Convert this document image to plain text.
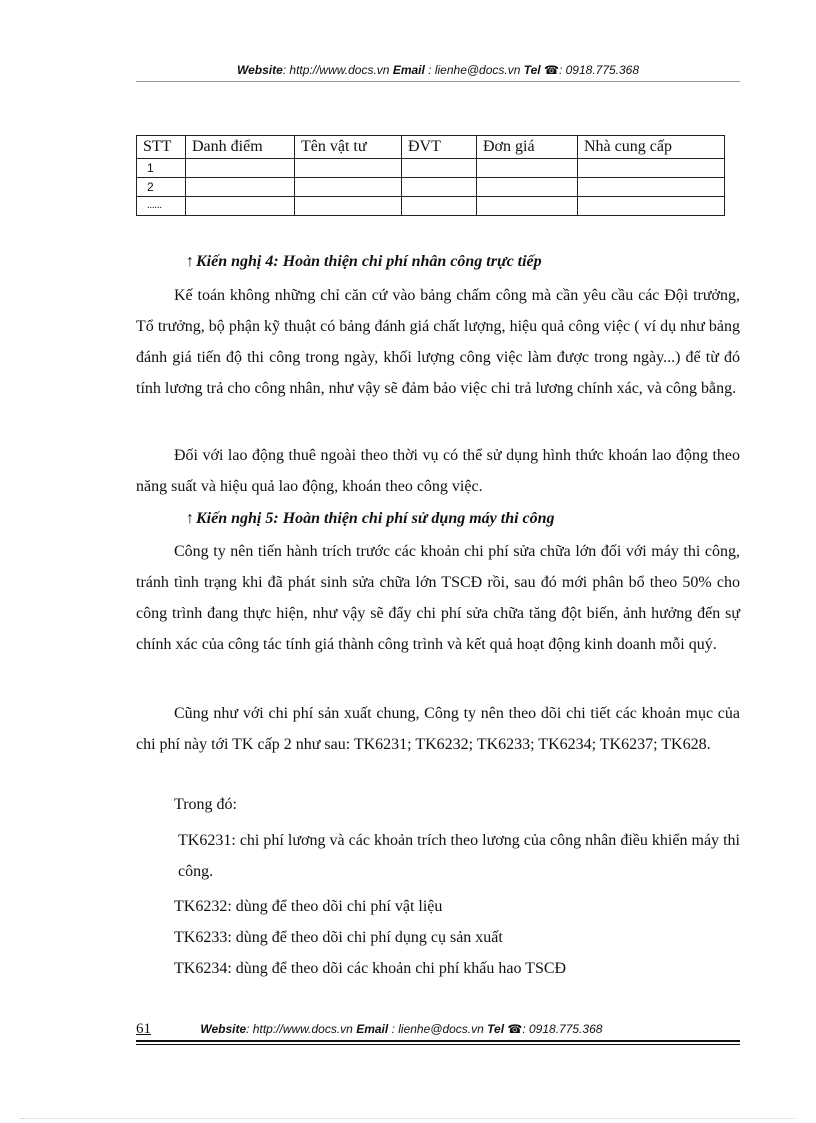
Website: http://www.docs.vn Email : lienhe@docs.vn Tel ☎: 0918.775.368
STT	Danh điểm	Tên vật tư	ĐVT	Đơn giá	Nhà cung cấp
1					
2					
......					
↑ Kiến nghị 4: Hoàn thiện chi phí nhân công trực tiếp
Kế toán không những chỉ căn cứ vào bảng chấm công mà cần yêu cầu các Đội trưởng, Tổ trưởng, bộ phận kỹ thuật có bảng đánh giá chất lượng, hiệu quả công việc ( ví dụ như bảng đánh giá tiến độ thi công trong ngày, khối lượng công việc làm được trong ngày...) để từ đó tính lương trả cho công nhân, như vậy sẽ đảm bảo việc chi trả lương chính xác, và công bằng.
Đối với lao động thuê ngoài theo thời vụ có thể sử dụng hình thức khoán lao động theo năng suất và hiệu quả lao động, khoán theo công việc.
↑ Kiến nghị 5: Hoàn thiện chi phí sử dụng máy thi công
Công ty nên tiến hành trích trước các khoản chi phí sửa chữa lớn đối với máy thi công, tránh tình trạng khi đã phát sinh sửa chữa lớn TSCĐ rồi, sau đó mới phân bổ theo 50% cho công trình đang thực hiện, như vậy sẽ đẩy chi phí sửa chữa tăng đột biến, ảnh hưởng đến sự chính xác của công tác tính giá thành công trình và kết quả hoạt động kinh doanh mỗi quý.
Cũng như với chi phí sản xuất chung, Công ty nên theo dõi chi tiết các khoản mục của chi phí này tới TK cấp 2 như sau: TK6231; TK6232; TK6233; TK6234; TK6237; TK628.
Trong đó:
TK6231: chi phí lương và các khoản trích theo lương của công nhân điều khiển máy thi công.
TK6232: dùng để theo dõi chi phí vật liệu
TK6233: dùng để theo dõi chi phí dụng cụ sản xuất
TK6234: dùng để theo dõi các khoản chi phí khấu hao TSCĐ
61	Website: http://www.docs.vn Email : lienhe@docs.vn Tel ☎: 0918.775.368
